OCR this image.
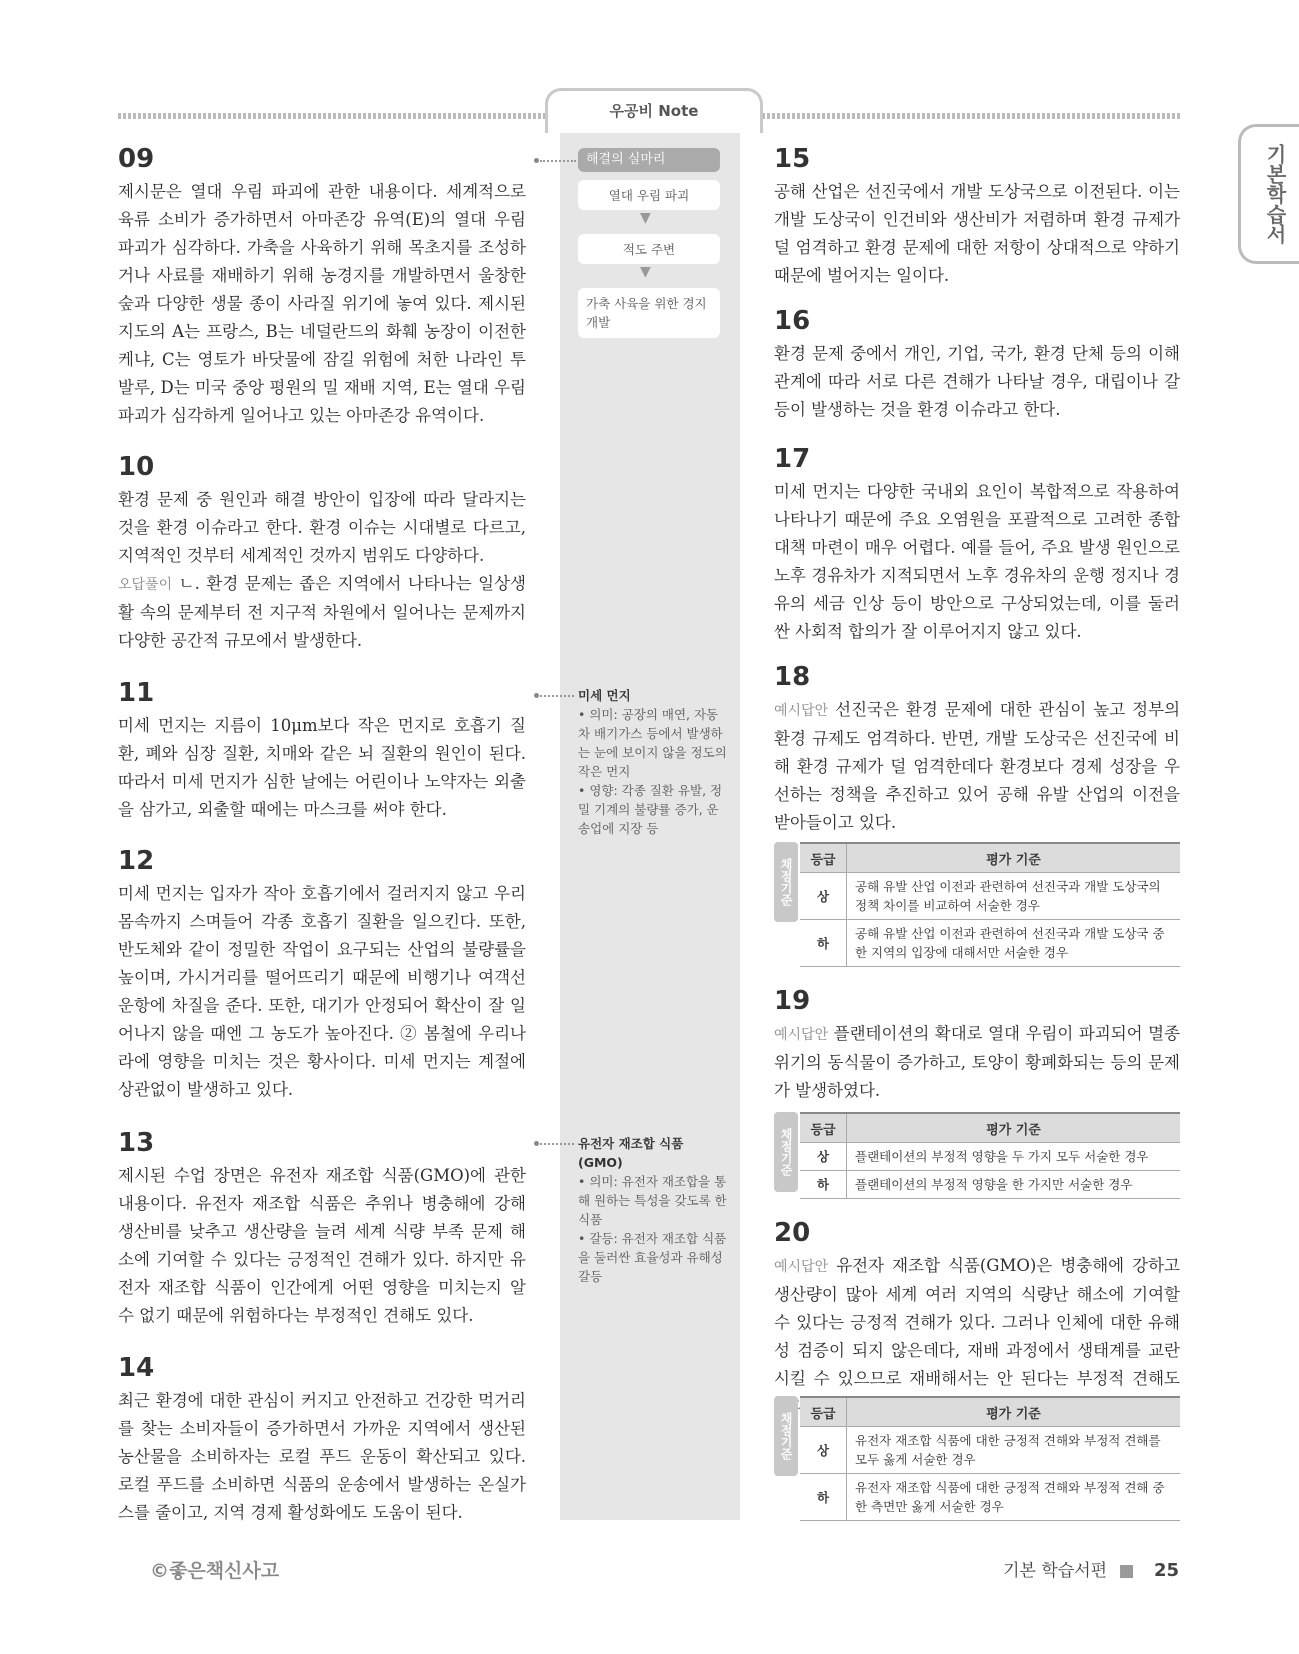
우공비 Note
기본학습서
해결의 실마리
열대 우림 파괴
▼
적도 주변
▼
가축 사육을 위한 경지 개발
미세 먼지
• 의미: 공장의 매연, 자동차 배기가스 등에서 발생하는 눈에 보이지 않을 정도의 작은 먼지
• 영향: 각종 질환 유발, 정밀 기계의 불량률 증가, 운송업에 지장 등
유전자 재조합 식품(GMO)
• 의미: 유전자 재조합을 통해 원하는 특성을 갖도록 한 식품
• 갈등: 유전자 재조합 식품을 둘러싼 효율성과 유해성 갈등
09
제시문은 열대 우림 파괴에 관한 내용이다. 세계적으로 육류 소비가 증가하면서 아마존강 유역(E)의 열대 우림 파괴가 심각하다. 가축을 사육하기 위해 목초지를 조성하거나 사료를 재배하기 위해 농경지를 개발하면서 울창한 숲과 다양한 생물 종이 사라질 위기에 놓여 있다. 제시된 지도의 A는 프랑스, B는 네덜란드의 화훼 농장이 이전한 케냐, C는 영토가 바닷물에 잠길 위험에 처한 나라인 투발루, D는 미국 중앙 평원의 밀 재배 지역, E는 열대 우림 파괴가 심각하게 일어나고 있는 아마존강 유역이다.
10
환경 문제 중 원인과 해결 방안이 입장에 따라 달라지는 것을 환경 이슈라고 한다. 환경 이슈는 시대별로 다르고, 지역적인 것부터 세계적인 것까지 범위도 다양하다.
오답풀이 ㄴ. 환경 문제는 좁은 지역에서 나타나는 일상생활 속의 문제부터 전 지구적 차원에서 일어나는 문제까지 다양한 공간적 규모에서 발생한다.
11
미세 먼지는 지름이 10μm보다 작은 먼지로 호흡기 질환, 폐와 심장 질환, 치매와 같은 뇌 질환의 원인이 된다. 따라서 미세 먼지가 심한 날에는 어린이나 노약자는 외출을 삼가고, 외출할 때에는 마스크를 써야 한다.
12
미세 먼지는 입자가 작아 호흡기에서 걸러지지 않고 우리 몸속까지 스며들어 각종 호흡기 질환을 일으킨다. 또한, 반도체와 같이 정밀한 작업이 요구되는 산업의 불량률을 높이며, 가시거리를 떨어뜨리기 때문에 비행기나 여객선 운항에 차질을 준다. 또한, 대기가 안정되어 확산이 잘 일어나지 않을 때엔 그 농도가 높아진다. ② 봄철에 우리나라에 영향을 미치는 것은 황사이다. 미세 먼지는 계절에 상관없이 발생하고 있다.
13
제시된 수업 장면은 유전자 재조합 식품(GMO)에 관한 내용이다. 유전자 재조합 식품은 추위나 병충해에 강해 생산비를 낮추고 생산량을 늘려 세계 식량 부족 문제 해소에 기여할 수 있다는 긍정적인 견해가 있다. 하지만 유전자 재조합 식품이 인간에게 어떤 영향을 미치는지 알 수 없기 때문에 위험하다는 부정적인 견해도 있다.
14
최근 환경에 대한 관심이 커지고 안전하고 건강한 먹거리를 찾는 소비자들이 증가하면서 가까운 지역에서 생산된 농산물을 소비하자는 로컬 푸드 운동이 확산되고 있다. 로컬 푸드를 소비하면 식품의 운송에서 발생하는 온실가스를 줄이고, 지역 경제 활성화에도 도움이 된다.
15
공해 산업은 선진국에서 개발 도상국으로 이전된다. 이는 개발 도상국이 인건비와 생산비가 저렴하며 환경 규제가 덜 엄격하고 환경 문제에 대한 저항이 상대적으로 약하기 때문에 벌어지는 일이다.
16
환경 문제 중에서 개인, 기업, 국가, 환경 단체 등의 이해관계에 따라 서로 다른 견해가 나타날 경우, 대립이나 갈등이 발생하는 것을 환경 이슈라고 한다.
17
미세 먼지는 다양한 국내외 요인이 복합적으로 작용하여 나타나기 때문에 주요 오염원을 포괄적으로 고려한 종합 대책 마련이 매우 어렵다. 예를 들어, 주요 발생 원인으로 노후 경유차가 지적되면서 노후 경유차의 운행 정지나 경유의 세금 인상 등이 방안으로 구상되었는데, 이를 둘러싼 사회적 합의가 잘 이루어지지 않고 있다.
18
예시답안 선진국은 환경 문제에 대한 관심이 높고 정부의 환경 규제도 엄격하다. 반면, 개발 도상국은 선진국에 비해 환경 규제가 덜 엄격한데다 환경보다 경제 성장을 우선하는 정책을 추진하고 있어 공해 유발 산업의 이전을 받아들이고 있다.
채점기준	등급	평가 기준
상	공해 유발 산업 이전과 관련하여 선진국과 개발 도상국의 정책 차이를 비교하여 서술한 경우
하	공해 유발 산업 이전과 관련하여 선진국과 개발 도상국 중 한 지역의 입장에 대해서만 서술한 경우
19
예시답안 플랜테이션의 확대로 열대 우림이 파괴되어 멸종 위기의 동식물이 증가하고, 토양이 황폐화되는 등의 문제가 발생하였다.
채점기준	등급	평가 기준
상	플랜테이션의 부정적 영향을 두 가지 모두 서술한 경우
하	플랜테이션의 부정적 영향을 한 가지만 서술한 경우
20
예시답안 유전자 재조합 식품(GMO)은 병충해에 강하고 생산량이 많아 세계 여러 지역의 식량난 해소에 기여할 수 있다는 긍정적 견해가 있다. 그러나 인체에 대한 유해성 검증이 되지 않은데다, 재배 과정에서 생태계를 교란시킬 수 있으므로 재배해서는 안 된다는 부정적 견해도
채점기준	등급	평가 기준
상	유전자 재조합 식품에 대한 긍정적 견해와 부정적 견해를 모두 옳게 서술한 경우
하	유전자 재조합 식품에 대한 긍정적 견해와 부정적 견해 중 한 측면만 옳게 서술한 경우
©좋은책신사고	기본 학습서편 ■ 25
